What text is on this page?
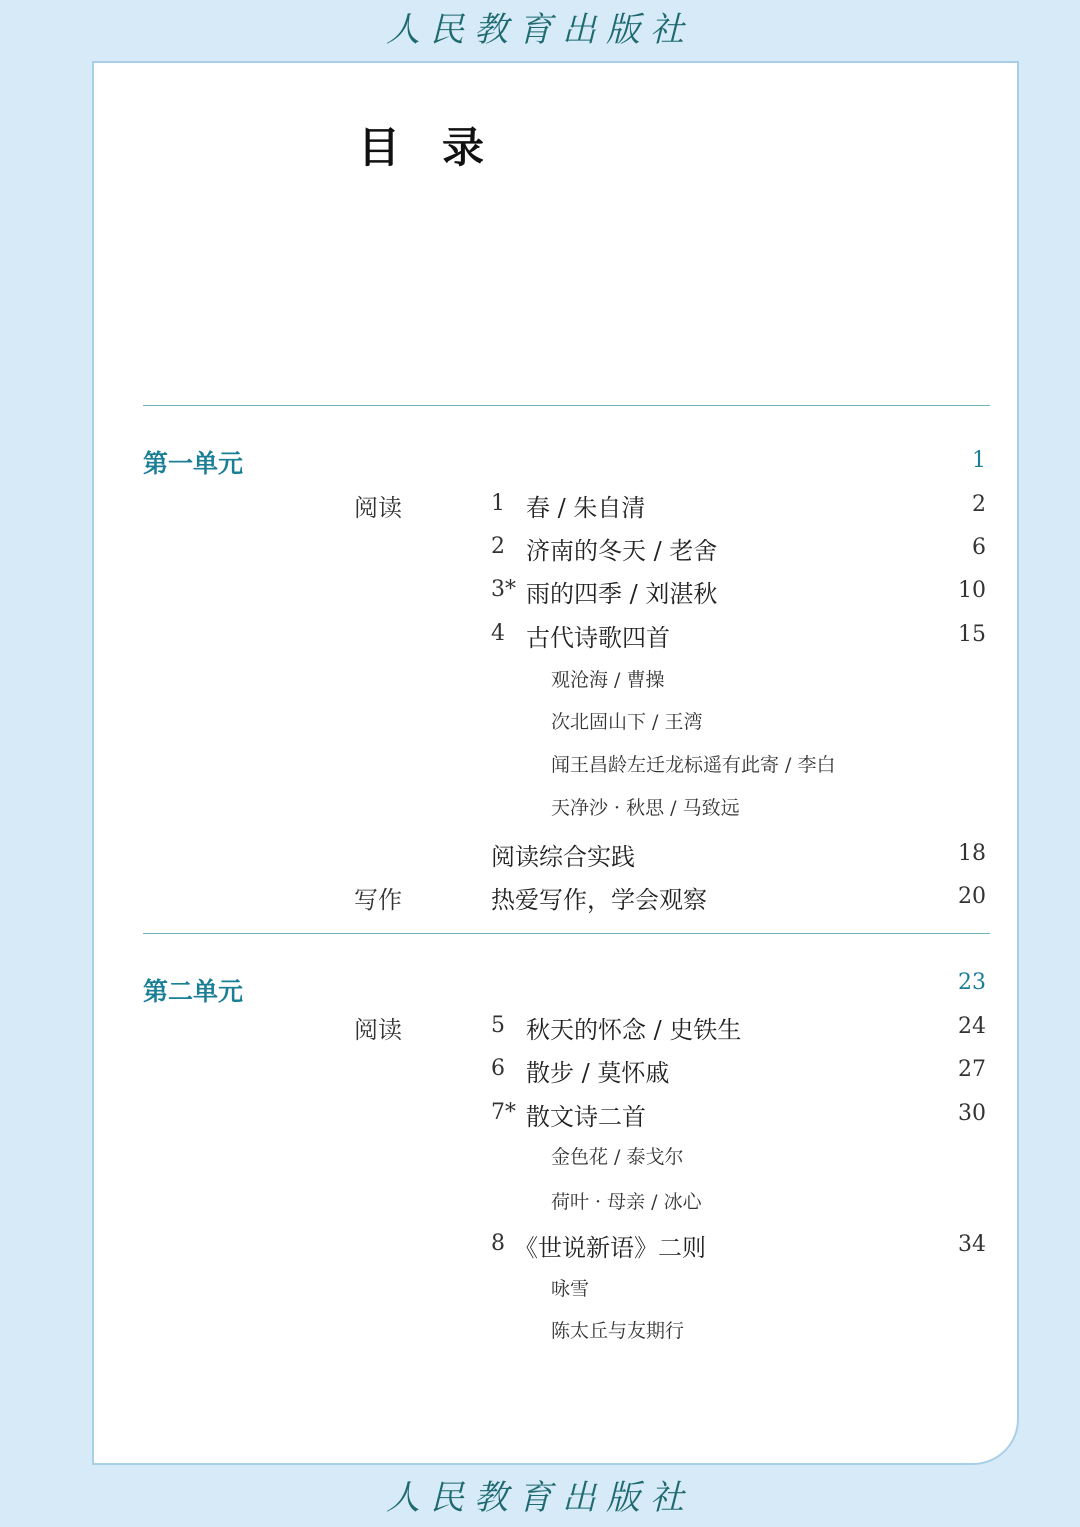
人民教育出版社
目录
第一单元	1
阅读	1 春 / 朱自清	2
2 济南的冬天 / 老舍	6
3* 雨的四季 / 刘湛秋	10
4 古代诗歌四首	15
观沧海 / 曹操
次北固山下 / 王湾
闻王昌龄左迁龙标遥有此寄 / 李白
天净沙 · 秋思 / 马致远
阅读综合实践	18
写作	热爱写作，学会观察	20
第二单元	23
阅读	5 秋天的怀念 / 史铁生	24
6 散步 / 莫怀戚	27
7* 散文诗二首	30
金色花 / 泰戈尔
荷叶 · 母亲 / 冰心
8 《世说新语》二则	34
咏雪
陈太丘与友期行
人民教育出版社
